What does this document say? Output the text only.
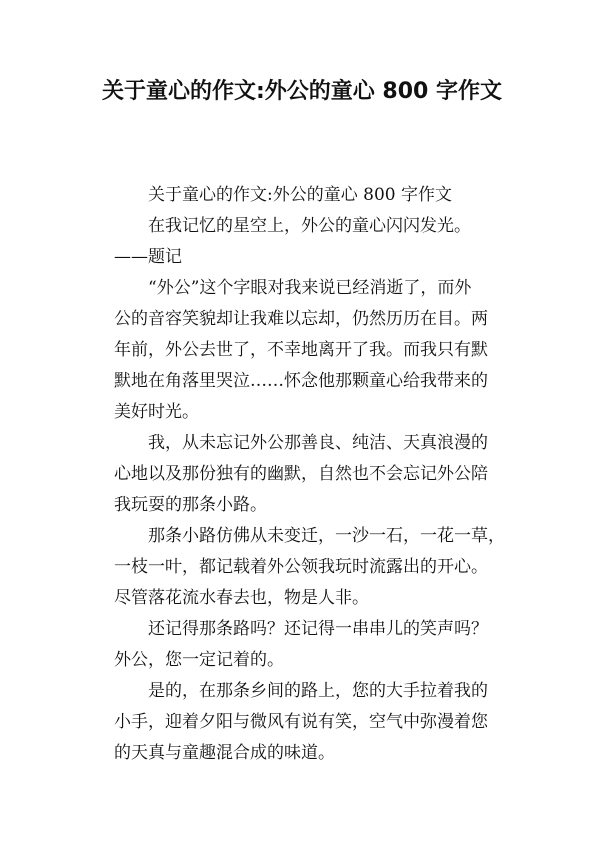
关于童心的作文:外公的童心 800 字作文
关于童心的作文:外公的童心 800 字作文
在我记忆的星空上，外公的童心闪闪发光。
——题记
“外公”这个字眼对我来说已经消逝了，而外
公的音容笑貌却让我难以忘却，仍然历历在目。两
年前，外公去世了，不幸地离开了我。而我只有默
默地在角落里哭泣……怀念他那颗童心给我带来的
美好时光。
我，从未忘记外公那善良、纯洁、天真浪漫的
心地以及那份独有的幽默，自然也不会忘记外公陪
我玩耍的那条小路。
那条小路仿佛从未变迁，一沙一石，一花一草，
一枝一叶，都记载着外公领我玩时流露出的开心。
尽管落花流水春去也，物是人非。
还记得那条路吗？还记得一串串儿的笑声吗？
外公，您一定记着的。
是的，在那条乡间的路上，您的大手拉着我的
小手，迎着夕阳与微风有说有笑，空气中弥漫着您
的天真与童趣混合成的味道。
